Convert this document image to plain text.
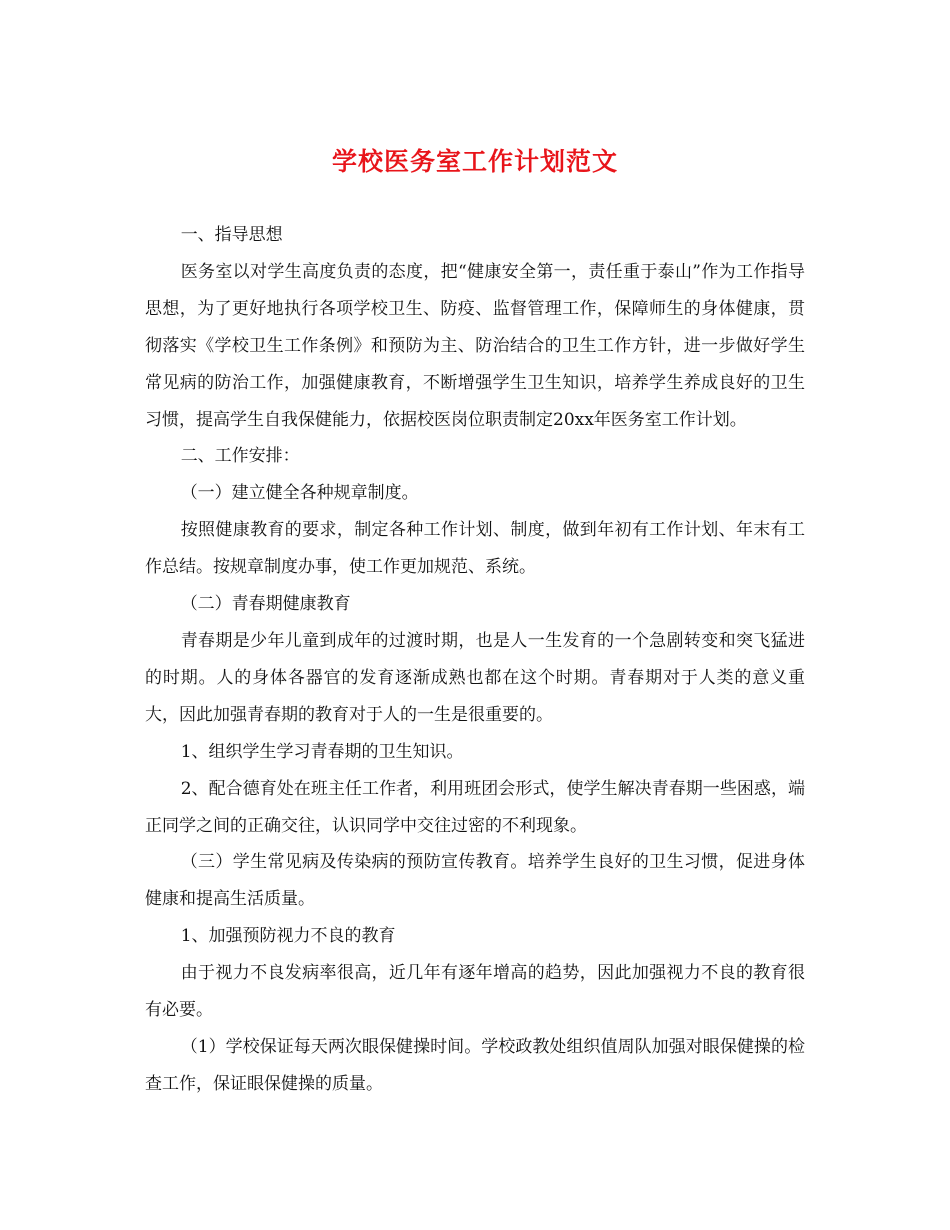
学校医务室工作计划范文

一、指导思想

医务室以对学生高度负责的态度，把“健康安全第一，责任重于泰山”作为工作指导思想，为了更好地执行各项学校卫生、防疫、监督管理工作，保障师生的身体健康，贯彻落实《学校卫生工作条例》和预防为主、防治结合的卫生工作方针，进一步做好学生常见病的防治工作，加强健康教育，不断增强学生卫生知识，培养学生养成良好的卫生习惯，提高学生自我保健能力，依据校医岗位职责制定20xx年医务室工作计划。

二、工作安排：

（一）建立健全各种规章制度。

按照健康教育的要求，制定各种工作计划、制度，做到年初有工作计划、年末有工作总结。按规章制度办事，使工作更加规范、系统。

（二）青春期健康教育

青春期是少年儿童到成年的过渡时期，也是人一生发育的一个急剧转变和突飞猛进的时期。人的身体各器官的发育逐渐成熟也都在这个时期。青春期对于人类的意义重大，因此加强青春期的教育对于人的一生是很重要的。

1、组织学生学习青春期的卫生知识。

2、配合德育处在班主任工作者，利用班团会形式，使学生解决青春期一些困惑，端正同学之间的正确交往，认识同学中交往过密的不利现象。

（三）学生常见病及传染病的预防宣传教育。培养学生良好的卫生习惯，促进身体健康和提高生活质量。

1、加强预防视力不良的教育

由于视力不良发病率很高，近几年有逐年增高的趋势，因此加强视力不良的教育很有必要。

（1）学校保证每天两次眼保健操时间。学校政教处组织值周队加强对眼保健操的检查工作，保证眼保健操的质量。
